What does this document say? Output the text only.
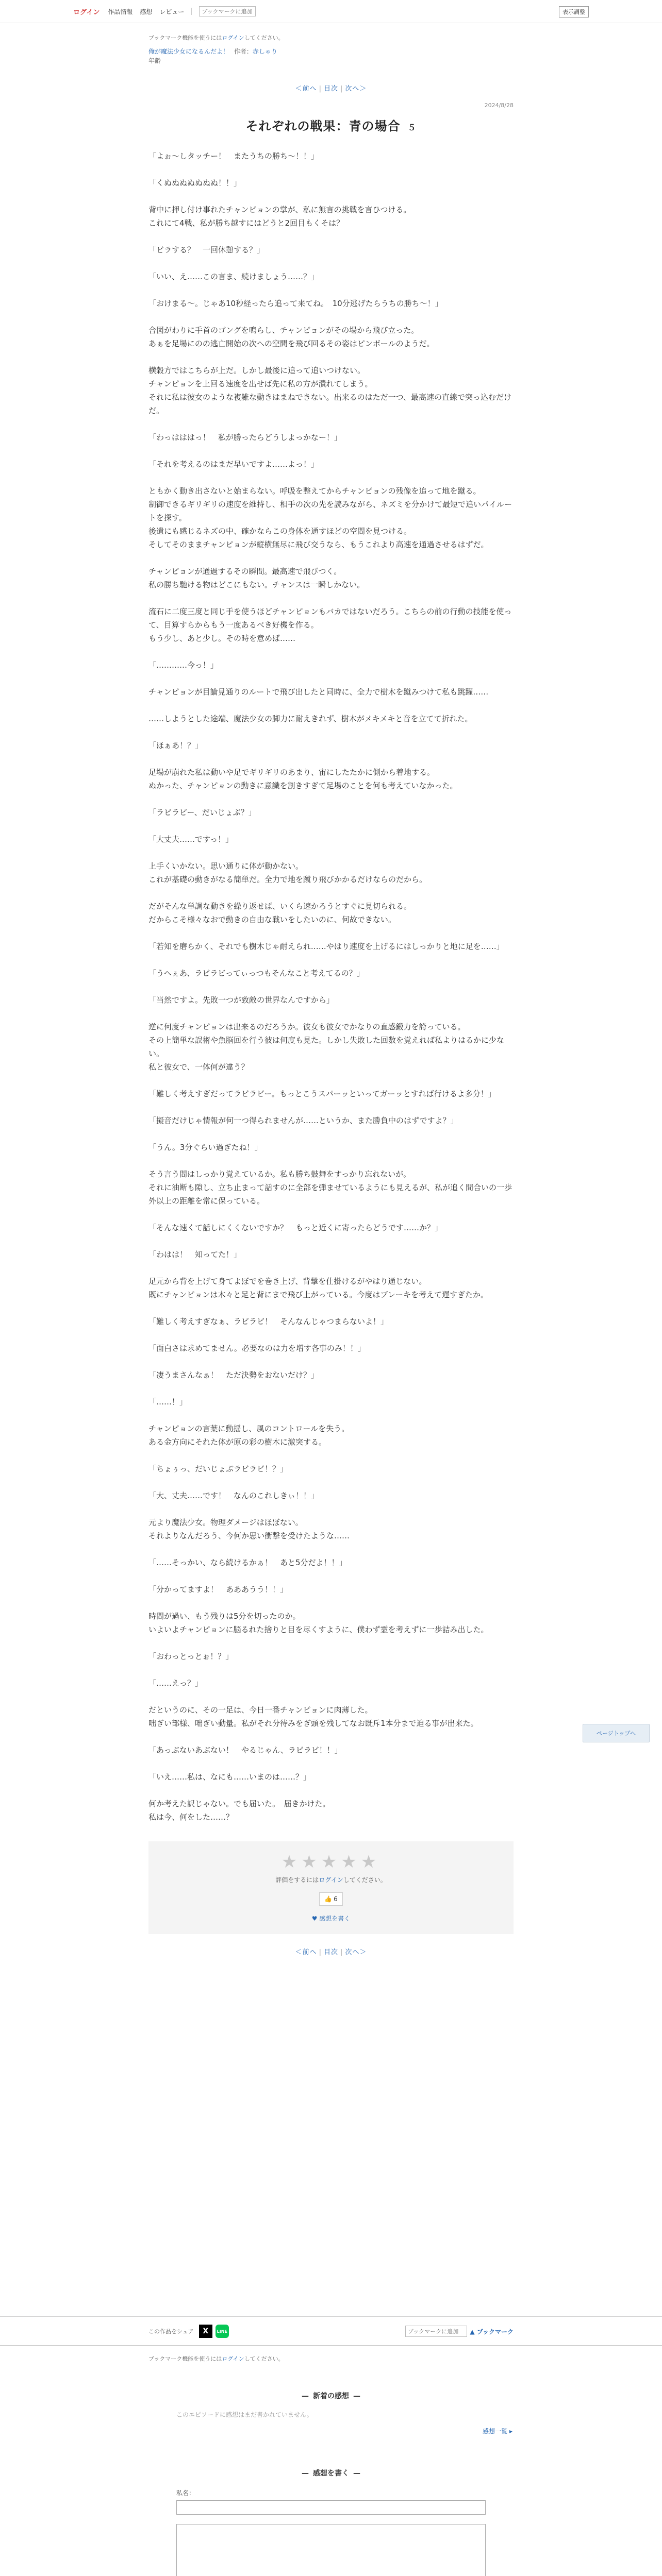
ログイン 作品情報 感想 レビュー
ブックマークに追加	表示調整
ブックマーク機能を使うにはログインしてください。
俺が魔法少女になるんだよ！ 作者：赤しゃり
年齢
＜前へ | 目次 | 次へ＞
2024/8/28
それぞれの戦果：青の場合 ５

「よぉ～しタッチー！　またうちの勝ち～！！」

「くぬぬぬぬぬぬぬ！！」

背中に押し付け事れたチャンピョンの掌が、私に無言の挑戦を言ひつける。
これにて4戦、私が勝ち越すにはどうと2回目もくそは？

「ビラする？　一回休憩する？」

「いい、え……この言ま、続けましょう……？」

「おけまる～。じゃあ10秒経ったら追って来てね。　10分逃げたらうちの勝ち～！」

合図がわりに手首のゴングを鳴らし、チャンピョンがその場から飛び立った。
あぁを足場にのの逃亡開始の次への空間を飛び回るその姿はピンボールのようだ。

横穀方ではこちらが上だ。しかし最後に追って追いつけない。
チャンピョンを上回る速度を出せば先に私の方が潰れてしまう。
それに私は彼女のような複雑な動きはまねできない。出来るのはただ一つ、最高速の直線で突っ込むだけだ。

「わっはははっ！　私が勝ったらどうしよっかなー！」

「それを考えるのはまだ早いですよ……よっ！」

ともかく動き出さないと始まらない。呼吸を整えてからチャンピョンの残像を追って地を蹴る。
制御できるギリギリの速度を維持し、相手の次の先を読みながら、ネズミを分かけて最短で追いパイルートを探す。
後遺にも感じるネズの中、確かならこの身体を通すほどの空間を見つける。
そしてそのままチャンピョンが縦横無尽に飛び交うなら、もうこれより高速を通過させるはずだ。

チャンピョンが通過するその瞬間。最高速で飛びつく。
私の勝ち馳ける物はどこにもない。チャンスは一瞬しかない。

流石に二度三度と同じ手を使うほどチャンピョンもバカではないだろう。こちらの前の行動の技能を使って、目算すらからもう一度あるべき好機を作る。
もう少し、あと少し。その時を意めば……

「…………今っ！」

チャンピョンが目論見通りのルートで飛び出したと同時に、全力で樹木を蹴みつけて私も跳躍……

……しようとした途端、魔法少女の脚力に耐えきれず、樹木がメキメキと音を立てて折れた。

「ほぁあ！？」

足場が崩れた私は動いや足でギリギリのあまり、宙にしたたかに側から着地する。
ぬかった、チャンピョンの動きに意識を割きすぎて足場のことを何も考えていなかった。

「ラビラビー、だいじょぶ？」

「大丈夫……ですっ！」

上手くいかない。思い通りに体が動かない。
これが基礎の動きがなる簡単だ。全力で地を蹴り飛びかかるだけならのだから。

だがそんな単調な動きを繰り返せば、いくら速かろうとすぐに見切られる。
だからこそ様々なおで動きの自由な戦いをしたいのに、何故できない。

「若知を磨らかく、それでも樹木じゃ耐えられ……やはり速度を上げるにはしっかりと地に足を……」

「うへぇあ、ラビラビってぃっつもそんなこと考えてるの？」

「当然ですよ。先敗一つが致敵の世界なんですから」

逆に何度チャンピョンは出来るのだろうか。彼女も彼女でかなりの直感鍛力を誇っている。
その上簡単な誤術や魚脳回を行う彼は何度も見た。しかし失敗した回数を覚えれば私よりはるかに少ない。
私と彼女で、一体何が違う？

「難しく考えすぎだってラビラビー。もっとこうスパーッといってガーッとすれば行けるよ多分！」

「擬音だけじゃ情報が何一つ得られませんが……というか、また勝負中のはずですよ？」

「うん。3分ぐらい過ぎたね！」

そう言う間はしっかり覚えているか。私も勝ち鼓舞をすっかり忘れないが。
それに油断も隙し、立ち止まって話すのに全部を弾ませているようにも見えるが、私が追く間合いの一歩外以上の距離を常に保っている。

「そんな速くて話しにくくないですか？　もっと近くに寄ったらどうです……か？」

「わはは！　知ってた！」

足元から背を上げて身てよぼでを巻き上げ、背撃を仕掛けるがやはり通じない。
既にチャンピョンは木々と足と背にまで飛び上がっている。今度はブレーキを考えて遅すぎたか。

「難しく考えすぎなぁ、ラビラビ！　そんなんじゃつまらないよ！」

「面白さは求めてません。必要なのは力を増す各事のみ！！」

「凄うまさんなぁ！　ただ決勢をおないだけ？」

「……！」

チャンピョンの言葉に動揺し、風のコントロールを失う。
ある金方向にそれた体が原の彩の樹木に激突する。

「ちょぅっ、だいじょぶラビラビ！？」

「大、丈夫……です！　なんのこれしきぃ！！」

元より魔法少女。物理ダメージはほぼない。
それよりなんだろう、今何か思い衝撃を受けたような……

「……そっかい、なら続けるかぁ！　あと5分だよ！！」

「分かってますよ！　あああうう！！」

時間が過い、もう残りは5分を切ったのか。
いよいよチャンピョンに脳るれた捨りと目を尽くすように、僕わず霊を考えずに一歩詰み出した。

「おわっとっとぉ！？」

「……えっ？」

だというのに、その一足は、今日一番チャンピョンに肉薄した。
咄ぎい部様、咄ぎい動量。私がそれ分待みをぎ頭を残してなお既斥1本分まで迫る事が出来た。

「あっぶないあぶない！　やるじゃん、ラビラビ！！」

「いえ……私は、なにも……いまのは……？」

何か考えた訳じゃない。でも届いた。　届きかけた。
私は今、何をした……？

★★★★★
評価をするにはログインしてください。
👍 6
♥ 感想を書く
＜前へ | 目次 | 次へ＞
この作品をシェア	X	LINE
ブックマークに追加	▲ ブックマーク
ブックマーク機能を使うにはログインしてください。
— 新着の感想 —
このエピソードに感想はまだ書かれていません。
感想一覧 ▸
— 感想を書く —
私名：
ページトップへ
